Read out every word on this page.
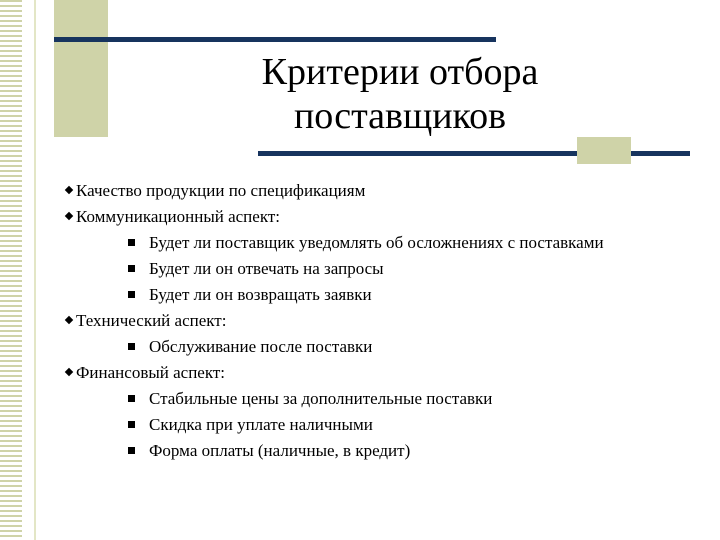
Критерии отбора
поставщиков
Качество продукции по спецификациям
Коммуникационный аспект:
Будет ли поставщик уведомлять об осложнениях с поставками
Будет ли он отвечать на запросы
Будет ли он возвращать заявки
Технический аспект:
Обслуживание после поставки
Финансовый аспект:
Стабильные цены за дополнительные поставки
Скидка при уплате наличными
Форма оплаты (наличные, в кредит)
